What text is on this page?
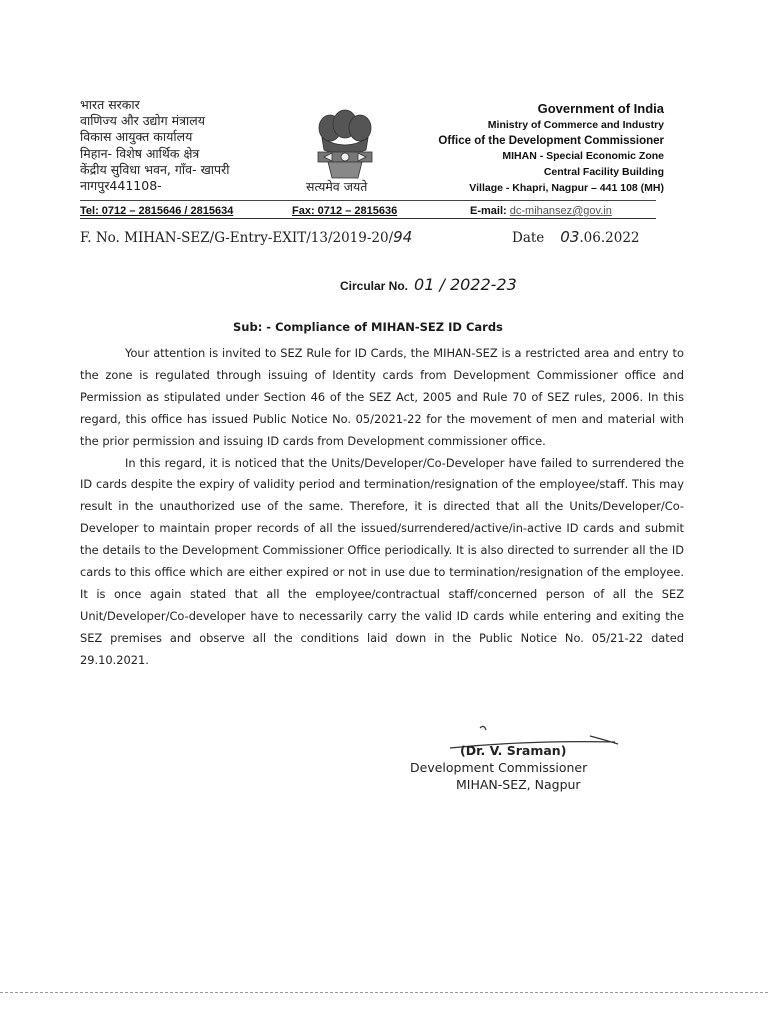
भारत सरकार
वाणिज्य और उद्योग मंत्रालय
विकास आयुक्त कार्यालय
मिहान- विशेष आर्थिक क्षेत्र
केंद्रीय सुविधा भवन, गाँव- खापरी
नागपुर441108-	सत्यमेव जयते
Government of India
Ministry of Commerce and Industry
Office of the Development Commissioner
MIHAN - Special Economic Zone
Central Facility Building
Village - Khapri, Nagpur – 441 108 (MH)
Tel: 0712 – 2815646 / 2815634	Fax: 0712 – 2815636	E-mail: dc-mihansez@gov.in
F. No. MIHAN-SEZ/G-Entry-EXIT/13/2019-20/94	Date 03.06.2022
Circular No. 01 / 2022-23
Sub: - Compliance of MIHAN-SEZ ID Cards

Your attention is invited to SEZ Rule for ID Cards, the MIHAN-SEZ is a restricted area and entry to the zone is regulated through issuing of Identity cards from Development Commissioner office and Permission as stipulated under Section 46 of the SEZ Act, 2005 and Rule 70 of SEZ rules, 2006. In this regard, this office has issued Public Notice No. 05/2021-22 for the movement of men and material with the prior permission and issuing ID cards from Development commissioner office.

In this regard, it is noticed that the Units/Developer/Co-Developer have failed to surrendered the ID cards despite the expiry of validity period and termination/resignation of the employee/staff. This may result in the unauthorized use of the same. Therefore, it is directed that all the Units/Developer/Co-Developer to maintain proper records of all the issued/surrendered/active/in-active ID cards and submit the details to the Development Commissioner Office periodically. It is also directed to surrender all the ID cards to this office which are either expired or not in use due to termination/resignation of the employee. It is once again stated that all the employee/contractual staff/concerned person of all the SEZ Unit/Developer/Co-developer have to necessarily carry the valid ID cards while entering and exiting the SEZ premises and observe all the conditions laid down in the Public Notice No. 05/21-22 dated 29.10.2021.

(Dr. V. Sraman)
Development Commissioner
MIHAN-SEZ, Nagpur
